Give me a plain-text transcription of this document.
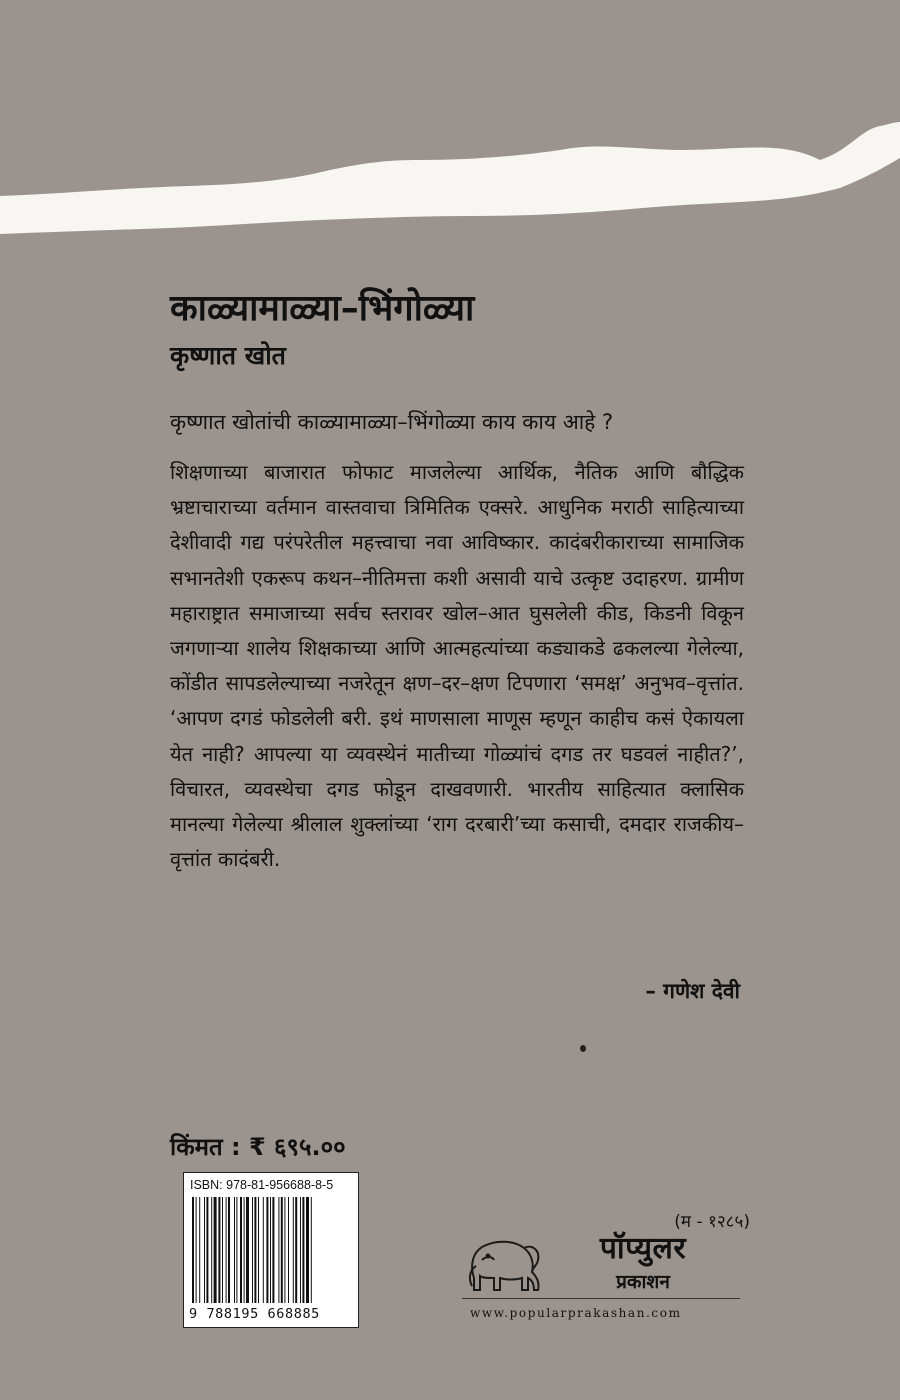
काळ्यामाळ्या–भिंगोळ्या
कृष्णात खोत

कृष्णात खोतांची काळ्यामाळ्या–भिंगोळ्या काय काय आहे ?

शिक्षणाच्या बाजारात फोफाट माजलेल्या आर्थिक, नैतिक आणि बौद्धिक भ्रष्टाचाराच्या वर्तमान वास्तवाचा त्रिमितिक एक्सरे. आधुनिक मराठी साहित्याच्या देशीवादी गद्य परंपरेतील महत्त्वाचा नवा आविष्कार. कादंबरीकाराच्या सामाजिक सभानतेशी एकरूप कथन–नीतिमत्ता कशी असावी याचे उत्कृष्ट उदाहरण. ग्रामीण महाराष्ट्रात समाजाच्या सर्वच स्तरावर खोल–आत घुसलेली कीड, किडनी विकून जगणाऱ्या शालेय शिक्षकाच्या आणि आत्महत्यांच्या कड्याकडे ढकलल्या गेलेल्या, कोंडीत सापडलेल्याच्या नजरेतून क्षण–दर–क्षण टिपणारा ‘समक्ष’ अनुभव–वृत्तांत. ‘आपण दगडं फोडलेली बरी. इथं माणसाला माणूस म्हणून काहीच कसं ऐकायला येत नाही? आपल्या या व्यवस्थेनं मातीच्या गोळ्यांचं दगड तर घडवलं नाहीत?’, विचारत, व्यवस्थेचा दगड फोडून दाखवणारी. भारतीय साहित्यात क्लासिक मानल्या गेलेल्या श्रीलाल शुक्लांच्या ‘राग दरबारी’च्या कसाची, दमदार राजकीय–वृत्तांत कादंबरी.

– गणेश देवी

किंमत : ₹ ६९५.००

ISBN: 978-81-956688-8-5
9 788195 668885

(म - १२८५)

पॉप्युलर
प्रकाशन
www.popularprakashan.com
